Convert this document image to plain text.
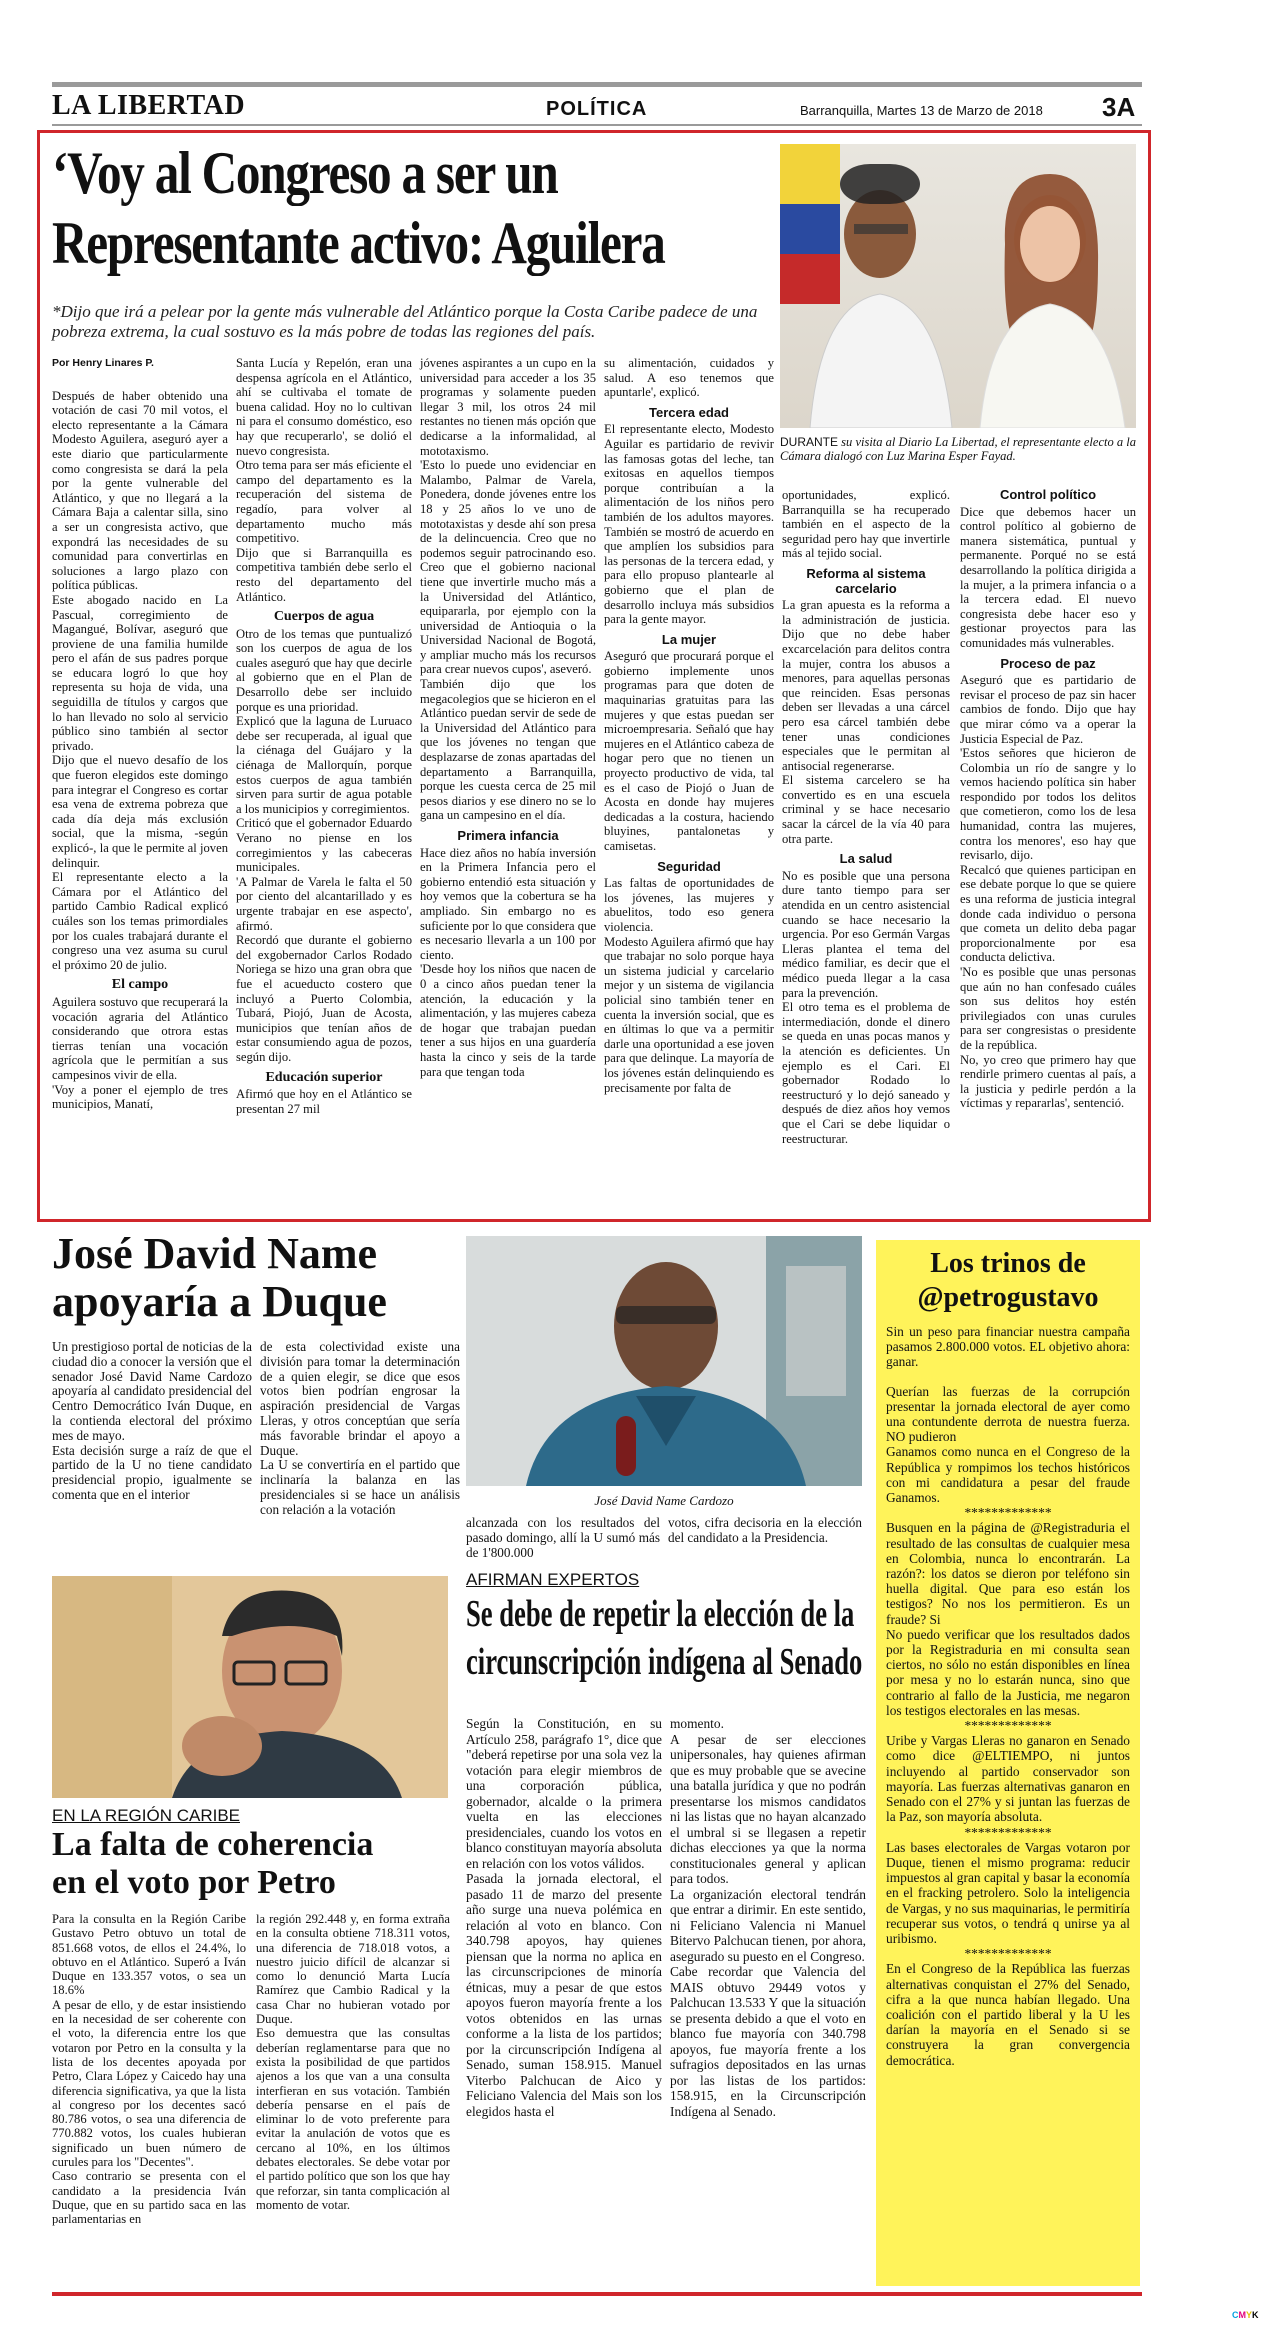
LA LIBERTAD	POLÍTICA	Barranquilla, Martes 13 de Marzo de 2018 3A
‘Voy al Congreso a ser un
Representante activo: Aguilera
*Dijo que irá a pelear por la gente más vulnerable del Atlántico porque la Costa Caribe padece de una pobreza extrema, la cual sostuvo es la más pobre de todas las regiones del país.
DURANTE su visita al Diario La Libertad, el representante electo a la Cámara dialogó con Luz Marina Esper Fayad.
Por Henry Linares P.

Después de haber obtenido una votación de casi 70 mil votos, el electo representante a la Cámara Modesto Aguilera, aseguró ayer a este diario que particularmente como congresista se dará la pela por la gente vulnerable del Atlántico, y que no llegará a la Cámara Baja a calentar silla, sino a ser un congresista activo, que expondrá las necesidades de su comunidad para convertirlas en soluciones a largo plazo con política públicas.
Este abogado nacido en La Pascual, corregimiento de Magangué, Bolívar, aseguró que proviene de una familia humilde pero el afán de sus padres porque se educara logró lo que hoy representa su hoja de vida, una seguidilla de títulos y cargos que lo han llevado no solo al servicio público sino también al sector privado.
Dijo que el nuevo desafío de los que fueron elegidos este domingo para integrar el Congreso es cortar esa vena de extrema pobreza que cada día deja más exclusión social, que la misma, -según explicó-, la que le permite al joven delinquir.
El representante electo a la Cámara por el Atlántico del partido Cambio Radical explicó cuáles son los temas primordiales por los cuales trabajará durante el congreso una vez asuma su curul el próximo 20 de julio.

El campo

Aguilera sostuvo que recuperará la vocación agraria del Atlántico considerando que otrora estas tierras tenían una vocación agrícola que le permitían a sus campesinos vivir de ella.
'Voy a poner el ejemplo de tres municipios, Manatí,

Santa Lucía y Repelón, eran una despensa agrícola en el Atlántico, ahí se cultivaba el tomate de buena calidad. Hoy no lo cultivan ni para el consumo doméstico, eso hay que recuperarlo', se dolió el nuevo congresista.
Otro tema para ser más eficiente el campo del departamento es la recuperación del sistema de regadío, para volver al departamento mucho más competitivo.
Dijo que si Barranquilla es competitiva también debe serlo el resto del departamento del Atlántico.

Cuerpos de agua

Otro de los temas que puntualizó son los cuerpos de agua de los cuales aseguró que hay que decirle al gobierno que en el Plan de Desarrollo debe ser incluido porque es una prioridad.
Explicó que la laguna de Luruaco debe ser recuperada, al igual que la ciénaga del Guájaro y la ciénaga de Mallorquín, porque estos cuerpos de agua también sirven para surtir de agua potable a los municipios y corregimientos.
Criticó que el gobernador Eduardo Verano no piense en los corregimientos y las cabeceras municipales.
'A Palmar de Varela le falta el 50 por ciento del alcantarillado y es urgente trabajar en ese aspecto', afirmó.
Recordó que durante el gobierno del exgobernador Carlos Rodado Noriega se hizo una gran obra que fue el acueducto costero que incluyó a Puerto Colombia, Tubará, Piojó, Juan de Acosta, municipios que tenían años de estar consumiendo agua de pozos, según dijo.

Educación superior

Afirmó que hoy en el Atlántico se presentan 27 mil

jóvenes aspirantes a un cupo en la universidad para acceder a los 35 programas y solamente pueden llegar 3 mil, los otros 24 mil restantes no tienen más opción que dedicarse a la informalidad, al mototaxismo.
'Esto lo puede uno evidenciar en Malambo, Palmar de Varela, Ponedera, donde jóvenes entre los 18 y 25 años lo ve uno de mototaxistas y desde ahí son presa de la delincuencia. Creo que no podemos seguir patrocinando eso. Creo que el gobierno nacional tiene que invertirle mucho más a la Universidad del Atlántico, equipararla, por ejemplo con la universidad de Antioquia o la Universidad Nacional de Bogotá, y ampliar mucho más los recursos para crear nuevos cupos', aseveró.
También dijo que los megacolegios que se hicieron en el Atlántico puedan servir de sede de la Universidad del Atlántico para que los jóvenes no tengan que desplazarse de zonas apartadas del departamento a Barranquilla, porque les cuesta cerca de 25 mil pesos diarios y ese dinero no se lo gana un campesino en el día.

Primera infancia

Hace diez años no había inversión en la Primera Infancia pero el gobierno entendió esta situación y hoy vemos que la cobertura se ha ampliado. Sin embargo no es suficiente por lo que considera que es necesario llevarla a un 100 por ciento.
'Desde hoy los niños que nacen de 0 a cinco años puedan tener la atención, la educación y la alimentación, y las mujeres cabeza de hogar que trabajan puedan tener a sus hijos en una guardería hasta la cinco y seis de la tarde para que tengan toda

su alimentación, cuidados y salud. A eso tenemos que apuntarle', explicó.

Tercera edad

El representante electo, Modesto Aguilar es partidario de revivir las famosas gotas del leche, tan exitosas en aquellos tiempos porque contribuían a la alimentación de los niños pero también de los adultos mayores. También se mostró de acuerdo en que amplíen los subsidios para las personas de la tercera edad, y para ello propuso plantearle al gobierno que el plan de desarrollo incluya más subsidios para la gente mayor.

La mujer

Aseguró que procurará porque el gobierno implemente unos programas para que doten de maquinarias gratuitas para las mujeres y que estas puedan ser microempresaria. Señaló que hay mujeres en el Atlántico cabeza de hogar pero que no tienen un proyecto productivo de vida, tal es el caso de Piojó o Juan de Acosta en donde hay mujeres dedicadas a la costura, haciendo bluyines, pantalonetas y camisetas.

Seguridad

Las faltas de oportunidades de los jóvenes, las mujeres y abuelitos, todo eso genera violencia.
Modesto Aguilera afirmó que hay que trabajar no solo porque haya un sistema judicial y carcelario mejor y un sistema de vigilancia policial sino también tener en cuenta la inversión social, que es en últimas lo que va a permitir darle una oportunidad a ese joven para que delinque. La mayoría de los jóvenes están delinquiendo es precisamente por falta de

oportunidades, explicó. Barranquilla se ha recuperado también en el aspecto de la seguridad pero hay que invertirle más al tejido social.

Reforma al sistema carcelario

La gran apuesta es la reforma a la administración de justicia. Dijo que no debe haber excarcelación para delitos contra la mujer, contra los abusos a menores, para aquellas personas que reinciden. Esas personas deben ser llevadas a una cárcel pero esa cárcel también debe tener unas condiciones especiales que le permitan al antisocial regenerarse.
El sistema carcelero se ha convertido es en una escuela criminal y se hace necesario sacar la cárcel de la vía 40 para otra parte.

La salud

No es posible que una persona dure tanto tiempo para ser atendida en un centro asistencial cuando se hace necesario la urgencia. Por eso Germán Vargas Lleras plantea el tema del médico familiar, es decir que el médico pueda llegar a la casa para la prevención.
El otro tema es el problema de intermediación, donde el dinero se queda en unas pocas manos y la atención es deficientes. Un ejemplo es el Cari. El gobernador Rodado lo reestructuró y lo dejó saneado y después de diez años hoy vemos que el Cari se debe liquidar o reestructurar.

Control político

Dice que debemos hacer un control político al gobierno de manera sistemática, puntual y permanente. Porqué no se está desarrollando la política dirigida a la mujer, a la primera infancia o a la tercera edad. El nuevo congresista debe hacer eso y gestionar proyectos para las comunidades más vulnerables.

Proceso de paz

Aseguró que es partidario de revisar el proceso de paz sin hacer cambios de fondo. Dijo que hay que mirar cómo va a operar la Justicia Especial de Paz.
'Estos señores que hicieron de Colombia un río de sangre y lo vemos haciendo política sin haber respondido por todos los delitos que cometieron, como los de lesa humanidad, contra las mujeres, contra los menores', eso hay que revisarlo, dijo.
Recalcó que quienes participan en ese debate porque lo que se quiere es una reforma de justicia integral donde cada individuo o persona que cometa un delito deba pagar proporcionalmente por esa conducta delictiva.
'No es posible que unas personas que aún no han confesado cuáles son sus delitos hoy estén privilegiados con unas curules para ser congresistas o presidente de la república.
No, yo creo que primero hay que rendirle primero cuentas al país, a la justicia y pedirle perdón a la víctimas y repararlas', sentenció.

José David Name
apoyaría a Duque

Un prestigioso portal de noticias de la ciudad dio a conocer la versión que el senador José David Name Cardozo apoyaría al candidato presidencial del Centro Democrático Iván Duque, en la contienda electoral del próximo mes de mayo.
Esta decisión surge a raíz de que el partido de la U no tiene candidato presidencial propio, igualmente se comenta que en el interior

de esta colectividad existe una división para tomar la determinación de a quien elegir, se dice que esos votos bien podrían engrosar la aspiración presidencial de Vargas Lleras, y otros conceptúan que sería más favorable brindar el apoyo a Duque.
La U se convertiría en el partido que inclinaría la balanza en las presidenciales si se hace un análisis con relación a la votación

José David Name Cardozo

alcanzada con los resultados del pasado domingo, allí la U sumó más de 1'800.000

votos, cifra decisoria en la elección del candidato a la Presidencia.

Los trinos de
@petrogustavo

Sin un peso para financiar nuestra campaña pasamos 2.800.000 votos. EL objetivo ahora: ganar.

Querían las fuerzas de la corrupción presentar la jornada electoral de ayer como una contundente derrota de nuestra fuerza. NO pudieron
Ganamos como nunca en el Congreso de la República y rompimos los techos históricos con mi candidatura a pesar del fraude Ganamos.

*************

Busquen en la página de @Registraduria el resultado de las consultas de cualquier mesa en Colombia, nunca lo encontrarán. La razón?: los datos se dieron por teléfono sin huella digital. Que para eso están los testigos? No nos los permitieron. Es un fraude? Si
No puedo verificar que los resultados dados por la Registraduria en mi consulta sean ciertos, no sólo no están disponibles en línea por mesa y no lo estarán nunca, sino que contrario al fallo de la Justicia, me negaron los testigos electorales en las mesas.

*************

Uribe y Vargas Lleras no ganaron en Senado como dice @ELTIEMPO, ni juntos incluyendo al partido conservador son mayoría. Las fuerzas alternativas ganaron en Senado con el 27% y si juntan las fuerzas de la Paz, son mayoría absoluta.

*************

Las bases electorales de Vargas votaron por Duque, tienen el mismo programa: reducir impuestos al gran capital y basar la economía en el fracking petrolero. Solo la inteligencia de Vargas, y no sus maquinarias, le permitiría recuperar sus votos, o tendrá q unirse ya al uribismo.

*************

En el Congreso de la República las fuerzas alternativas conquistan el 27% del Senado, cifra a la que nunca habían llegado. Una coalición con el partido liberal y la U les darían la mayoría en el Senado si se construyera la gran convergencia democrática.

EN LA REGIÓN CARIBE
La falta de coherencia
en el voto por Petro

Para la consulta en la Región Caribe Gustavo Petro obtuvo un total de 851.668 votos, de ellos el 24.4%, lo obtuvo en el Atlántico. Superó a Iván Duque en 133.357 votos, o sea un 18.6%
A pesar de ello, y de estar insistiendo en la necesidad de ser coherente con el voto, la diferencia entre los que votaron por Petro en la consulta y la lista de los decentes apoyada por Petro, Clara López y Caicedo hay una diferencia significativa, ya que la lista al congreso por los decentes sacó 80.786 votos, o sea una diferencia de 770.882 votos, los cuales hubieran significado un buen número de curules para los "Decentes".
Caso contrario se presenta con el candidato a la presidencia Iván Duque, que en su partido saca en las parlamentarias en

la región 292.448 y, en forma extraña en la consulta obtiene 718.311 votos, una diferencia de 718.018 votos, a nuestro juicio difícil de alcanzar si como lo denunció Marta Lucía Ramírez que Cambio Radical y la casa Char no hubieran votado por Duque.
Eso demuestra que las consultas deberían reglamentarse para que no exista la posibilidad de que partidos ajenos a los que van a una consulta interfieran en sus votación. También debería pensarse en el país de eliminar lo de voto preferente para evitar la anulación de votos que es cercano al 10%, en los últimos debates electorales. Se debe votar por el partido político que son los que hay que reforzar, sin tanta complicación al momento de votar.

AFIRMAN EXPERTOS
Se debe de repetir la elección de la
circunscripción indígena al Senado

Según la Constitución, en su Artículo 258, parágrafo 1°, dice que "deberá repetirse por una sola vez la votación para elegir miembros de una corporación pública, gobernador, alcalde o la primera vuelta en las elecciones presidenciales, cuando los votos en blanco constituyan mayoría absoluta en relación con los votos válidos.
Pasada la jornada electoral, el pasado 11 de marzo del presente año surge una nueva polémica en relación al voto en blanco. Con 340.798 apoyos, hay quienes piensan que la norma no aplica en las circunscripciones de minoría étnicas, muy a pesar de que estos apoyos fueron mayoría frente a los votos obtenidos en las urnas conforme a la lista de los partidos; por la circunscripción Indígena al Senado, suman 158.915. Manuel Viterbo Palchucan de Aico y Feliciano Valencia del Mais son los elegidos hasta el

momento.
A pesar de ser elecciones unipersonales, hay quienes afirman que es muy probable que se avecine una batalla jurídica y que no podrán presentarse los mismos candidatos ni las listas que no hayan alcanzado el umbral si se llegasen a repetir dichas elecciones ya que la norma constitucionales general y aplican para todos.
La organización electoral tendrán que entrar a dirimir. En este sentido, ni Feliciano Valencia ni Manuel Bitervo Palchucan tienen, por ahora, asegurado su puesto en el Congreso.
Cabe recordar que Valencia del MAIS obtuvo 29449 votos y Palchucan 13.533 Y que la situación se presenta debido a que el voto en blanco fue mayoría con 340.798 apoyos, fue mayoría frente a los sufragios depositados en las urnas por las listas de los partidos: 158.915, en la Circunscripción Indígena al Senado.

CMYK
